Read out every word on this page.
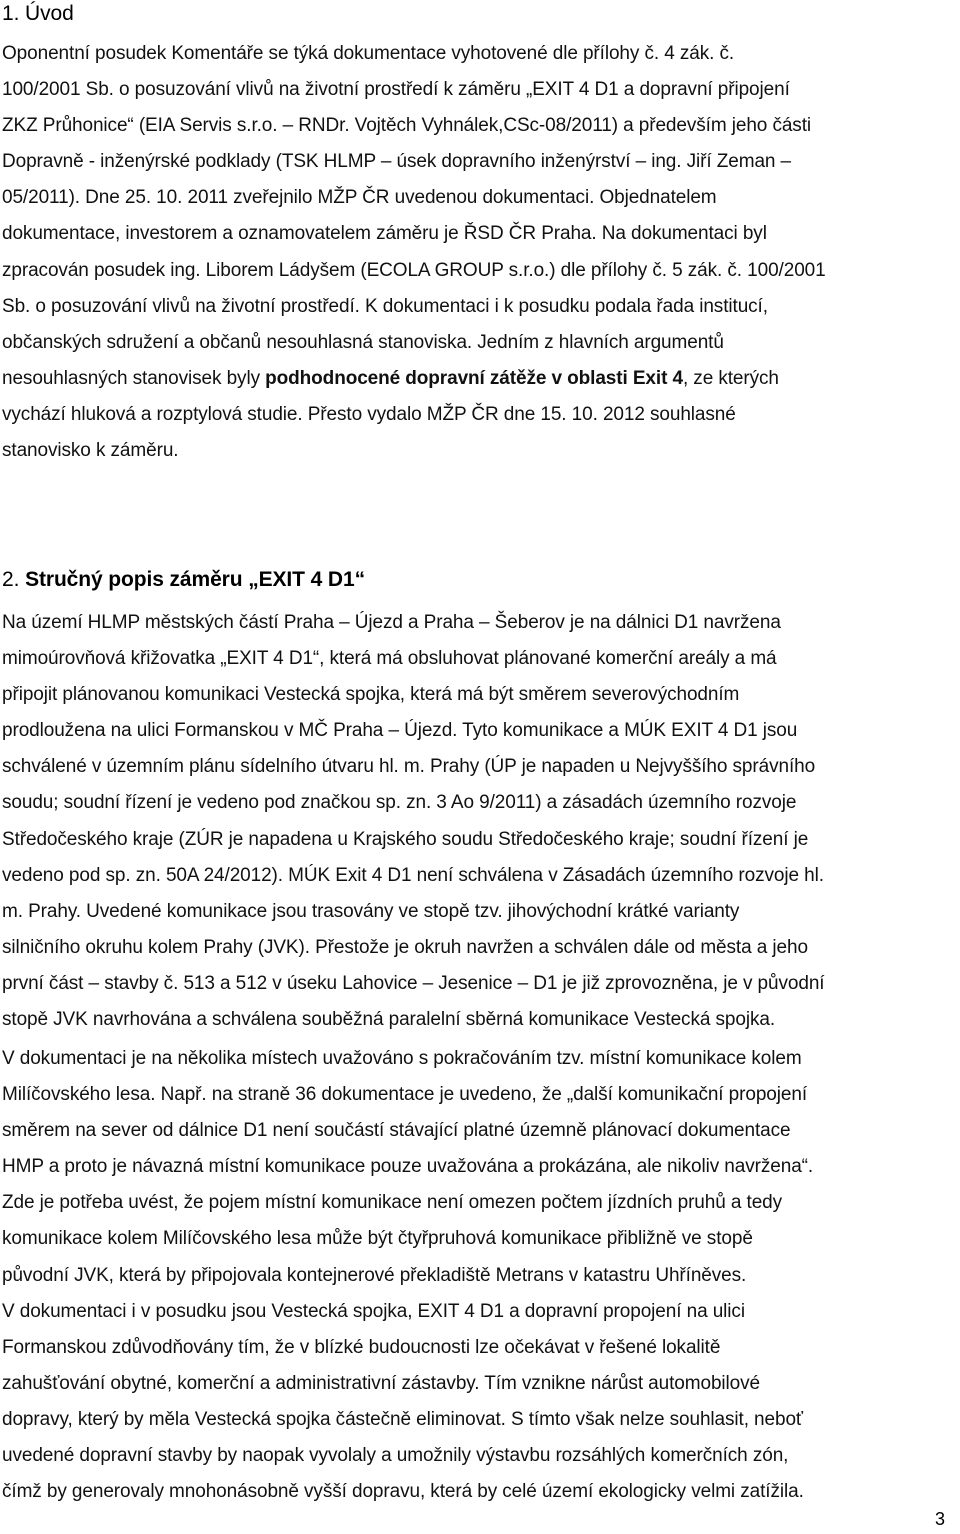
1. Úvod

Oponentní posudek Komentáře se týká dokumentace vyhotovené dle přílohy č. 4 zák. č.
100/2001 Sb. o posuzování vlivů na životní prostředí k záměru „EXIT 4 D1 a dopravní připojení
ZKZ Průhonice“ (EIA Servis s.r.o. – RNDr. Vojtěch Vyhnálek,CSc-08/2011) a především jeho části
Dopravně - inženýrské podklady (TSK HLMP – úsek dopravního inženýrství – ing. Jiří Zeman –
05/2011). Dne 25. 10. 2011 zveřejnilo MŽP ČR uvedenou dokumentaci. Objednatelem
dokumentace, investorem a oznamovatelem záměru je ŘSD ČR Praha. Na dokumentaci byl
zpracován posudek ing. Liborem Ládyšem (ECOLA GROUP s.r.o.) dle přílohy č. 5 zák. č. 100/2001
Sb. o posuzování vlivů na životní prostředí. K dokumentaci i k posudku podala řada institucí,
občanských sdružení a občanů nesouhlasná stanoviska. Jedním z hlavních argumentů
nesouhlasných stanovisek byly podhodnocené dopravní zátěže v oblasti Exit 4, ze kterých
vychází hluková a rozptylová studie. Přesto vydalo MŽP ČR dne 15. 10. 2012 souhlasné
stanovisko k záměru.

2. Stručný popis záměru „EXIT 4 D1“

Na území HLMP městských částí Praha – Újezd a Praha – Šeberov je na dálnici D1 navržena
mimoúrovňová křižovatka „EXIT 4 D1“, která má obsluhovat plánované komerční areály a má
připojit plánovanou komunikaci Vestecká spojka, která má být směrem severovýchodním
prodloužena na ulici Formanskou v MČ Praha – Újezd. Tyto komunikace a MÚK EXIT 4 D1 jsou
schválené v územním plánu sídelního útvaru hl. m. Prahy (ÚP je napaden u Nejvyššího správního
soudu; soudní řízení je vedeno pod značkou sp. zn. 3 Ao 9/2011) a zásadách územního rozvoje
Středočeského kraje (ZÚR je napadena u Krajského soudu Středočeského kraje; soudní řízení je
vedeno pod sp. zn. 50A 24/2012). MÚK Exit 4 D1 není schválena v Zásadách územního rozvoje hl.
m. Prahy. Uvedené komunikace jsou trasovány ve stopě tzv. jihovýchodní krátké varianty
silničního okruhu kolem Prahy (JVK). Přestože je okruh navržen a schválen dále od města a jeho
první část – stavby č. 513 a 512 v úseku Lahovice – Jesenice – D1 je již zprovozněna, je v původní
stopě JVK navrhována a schválena souběžná paralelní sběrná komunikace Vestecká spojka.

V dokumentaci je na několika místech uvažováno s pokračováním tzv. místní komunikace kolem
Milíčovského lesa. Např. na straně 36 dokumentace je uvedeno, že „další komunikační propojení
směrem na sever od dálnice D1 není součástí stávající platné územně plánovací dokumentace
HMP a proto je návazná místní komunikace pouze uvažována a prokázána, ale nikoliv navržena“.
Zde je potřeba uvést, že pojem místní komunikace není omezen počtem jízdních pruhů a tedy
komunikace kolem Milíčovského lesa může být čtyřpruhová komunikace přibližně ve stopě
původní JVK, která by připojovala kontejnerové překladiště Metrans v katastru Uhříněves.
V dokumentaci i v posudku jsou Vestecká spojka, EXIT 4 D1 a dopravní propojení na ulici
Formanskou zdůvodňovány tím, že v blízké budoucnosti lze očekávat v řešené lokalitě
zahušťování obytné, komerční a administrativní zástavby. Tím vznikne nárůst automobilové
dopravy, který by měla Vestecká spojka částečně eliminovat. S tímto však nelze souhlasit, neboť
uvedené dopravní stavby by naopak vyvolaly a umožnily výstavbu rozsáhlých komerčních zón,
čímž by generovaly mnohonásobně vyšší dopravu, která by celé území ekologicky velmi zatížila.

3
